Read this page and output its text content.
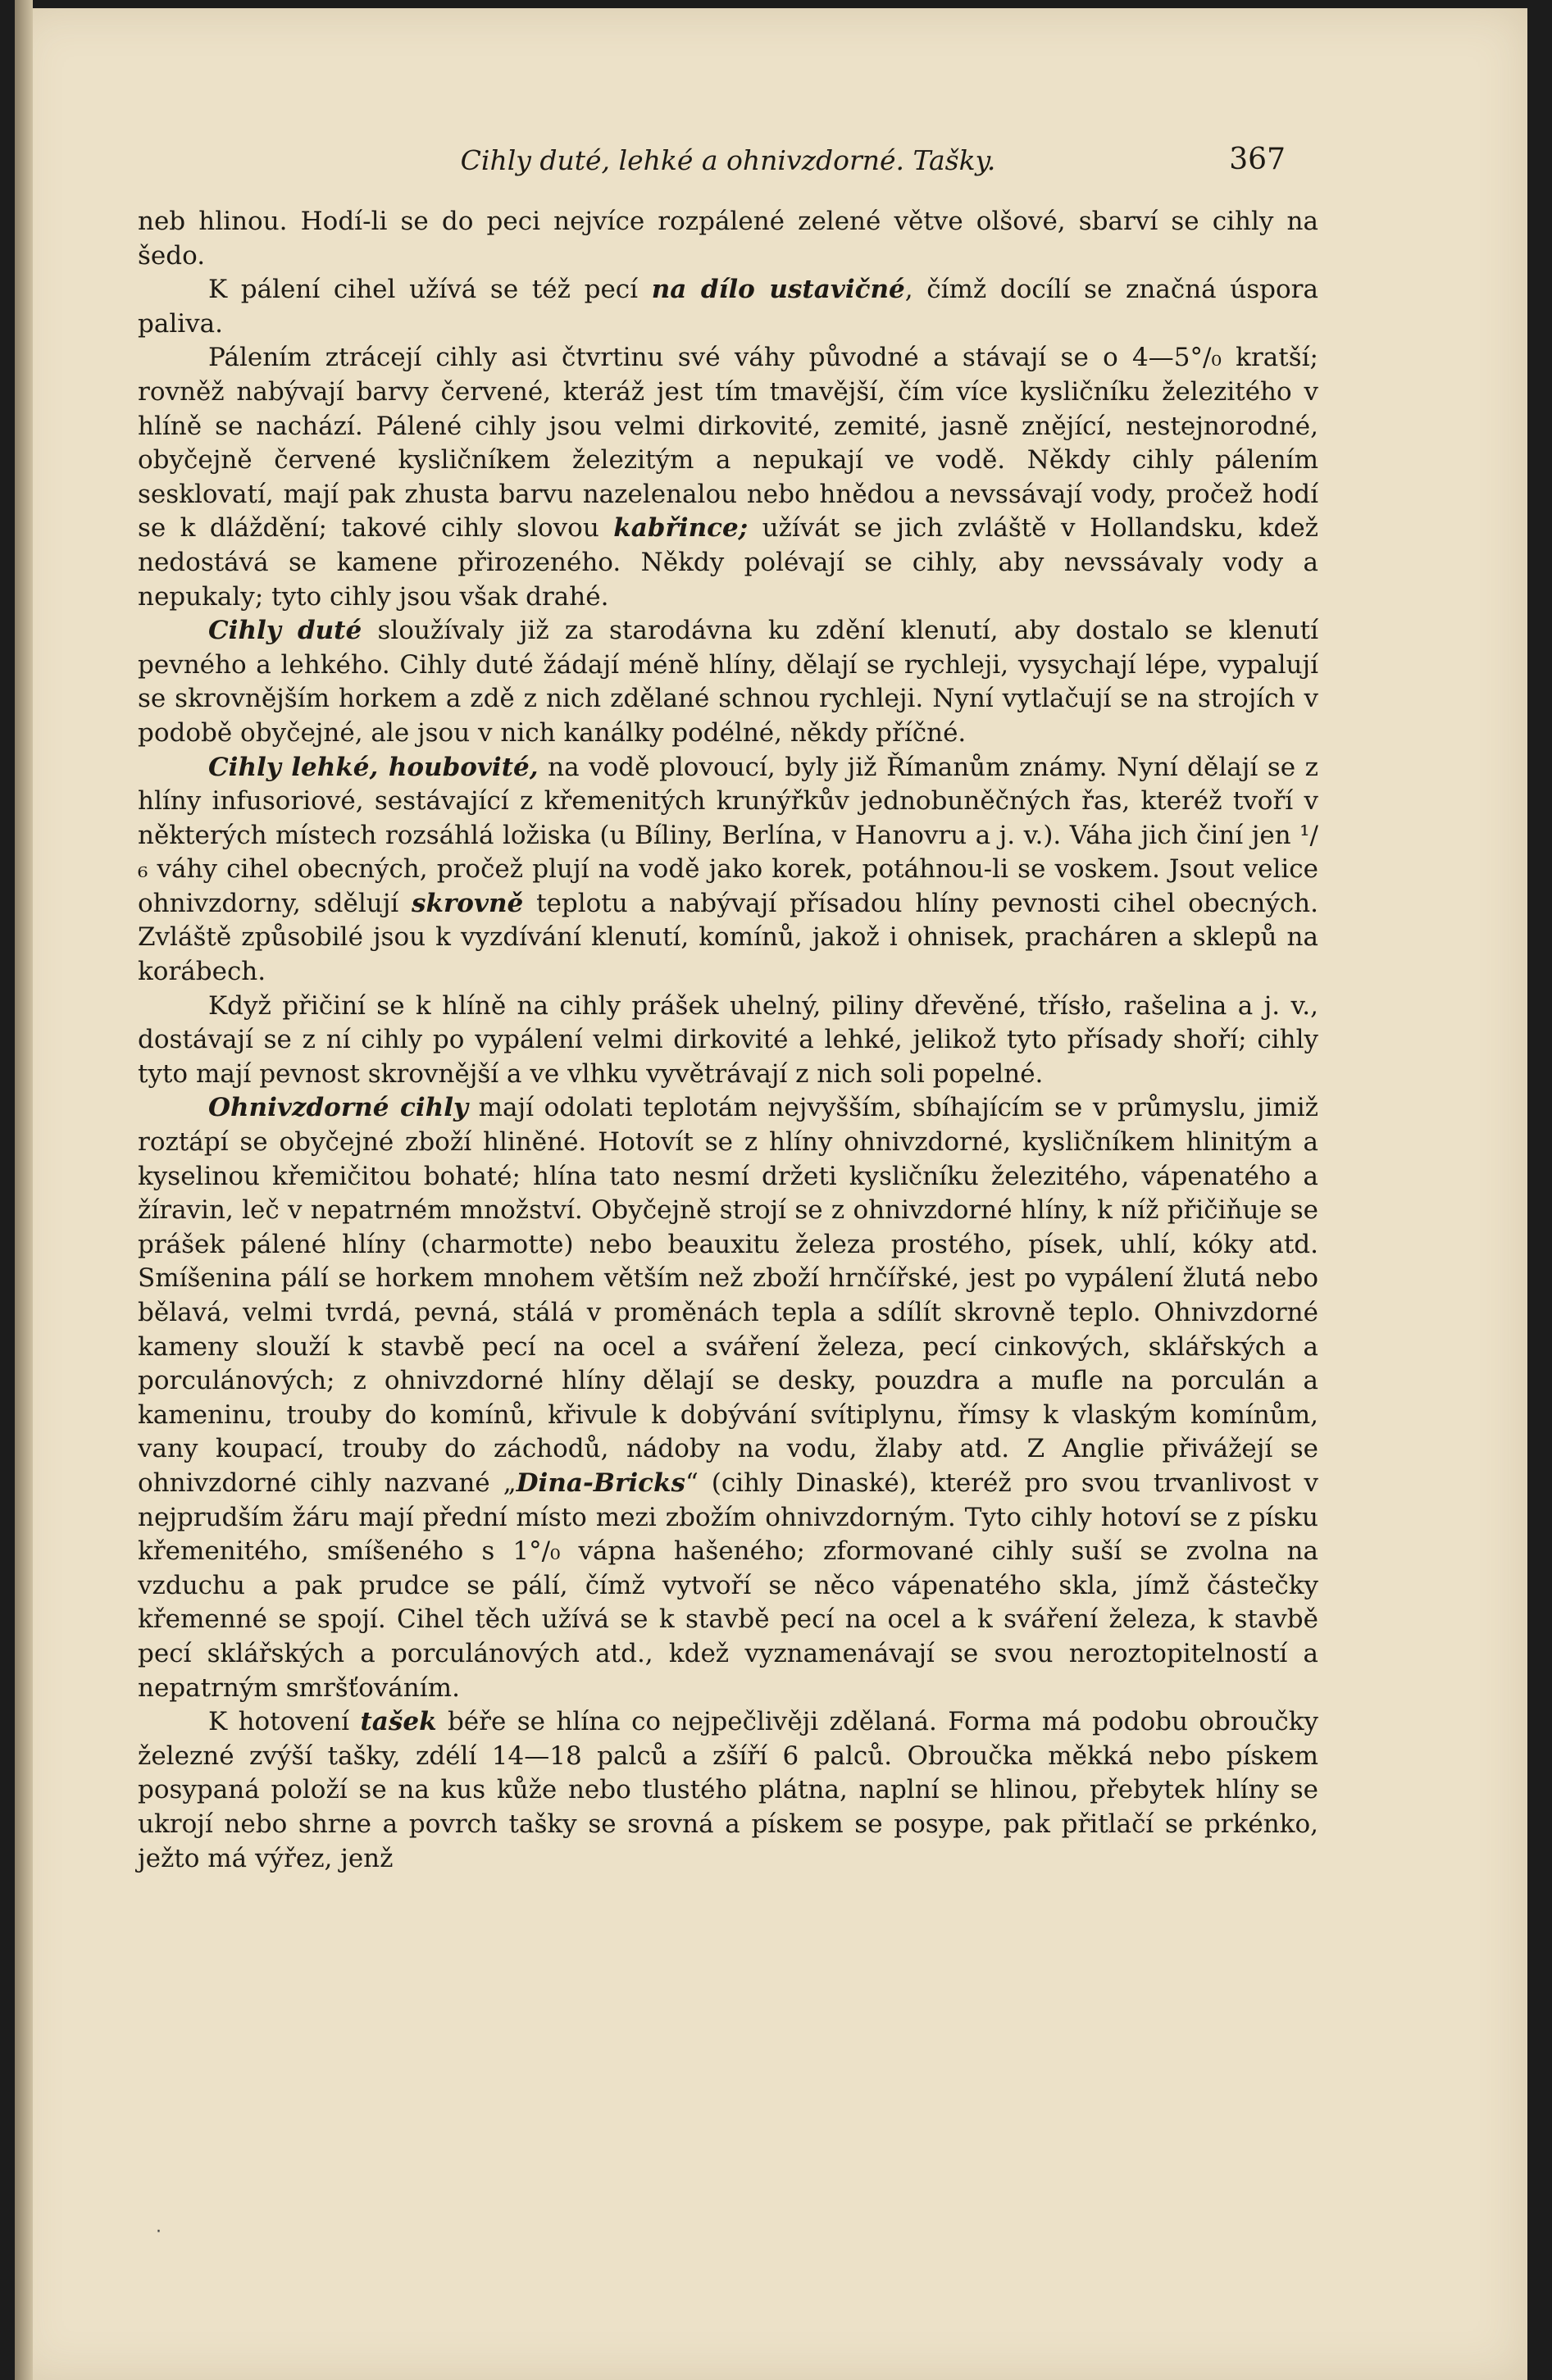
Cihly duté, lehké a ohnivzdorné. Tašky.	367

neb hlinou. Hodí-li se do peci nejvíce rozpálené zelené větve olšové, sbarví se cihly na šedo.

K pálení cihel užívá se též pecí na dílo ustavičné, čímž docílí se značná úspora paliva.

Pálením ztrácejí cihly asi čtvrtinu své váhy původné a stávají se o 4—5°/₀ kratší; rovněž nabývají barvy červené, kteráž jest tím tmavější, čím více kysličníku železitého v hlíně se nachází. Pálené cihly jsou velmi dirkovité, zemité, jasně znějící, nestejnorodné, obyčejně červené kysličníkem železitým a nepukají ve vodě. Někdy cihly pálením sesklovatí, mají pak zhusta barvu nazelenalou nebo hnědou a nevssávají vody, pročež hodí se k dláždění; takové cihly slovou kabřince; užívát se jich zvláště v Hollandsku, kdež nedostává se kamene přirozeného. Někdy polévají se cihly, aby nevssávaly vody a nepukaly; tyto cihly jsou však drahé.

Cihly duté sloužívaly již za starodávna ku zdění klenutí, aby dostalo se klenutí pevného a lehkého. Cihly duté žádají méně hlíny, dělají se rychleji, vysychají lépe, vypalují se skrovnějším horkem a zdě z nich zdělané schnou rychleji. Nyní vytlačují se na strojích v podobě obyčejné, ale jsou v nich kanálky podélné, někdy příčné.

Cihly lehké, houbovité, na vodě plovoucí, byly již Římanům známy. Nyní dělají se z hlíny infusoriové, sestávající z křemenitých krunýřkův jednobuněčných řas, kteréž tvoří v některých místech rozsáhlá ložiska (u Bíliny, Berlína, v Hanovru a j. v.). Váha jich činí jen ¹/₆ váhy cihel obecných, pročež plují na vodě jako korek, potáhnou-li se voskem. Jsout velice ohnivzdorny, sdělují skrovně teplotu a nabývají přísadou hlíny pevnosti cihel obecných. Zvláště způsobilé jsou k vyzdívání klenutí, komínů, jakož i ohnisek, pracháren a sklepů na korábech.

Když přičiní se k hlíně na cihly prášek uhelný, piliny dřevěné, třísło, rašelina a j. v., dostávají se z ní cihly po vypálení velmi dirkovité a lehké, jelikož tyto přísady shoří; cihly tyto mají pevnost skrovnější a ve vlhku vyvětrávají z nich soli popelné.

Ohnivzdorné cihly mají odolati teplotám nejvyšším, sbíhajícím se v průmyslu, jimiž roztápí se obyčejné zboží hliněné. Hotovít se z hlíny ohnivzdorné, kysličníkem hlinitým a kyselinou křemičitou bohaté; hlína tato nesmí držeti kysličníku železitého, vápenatého a žíravin, leč v nepatrném množství. Obyčejně strojí se z ohnivzdorné hlíny, k níž přičiňuje se prášek pálené hlíny (charmotte) nebo beauxitu železa prostého, písek, uhlí, kóky atd. Smíšenina pálí se horkem mnohem větším než zboží hrnčířské, jest po vypálení žlutá nebo bělavá, velmi tvrdá, pevná, stálá v proměnách tepla a sdílít skrovně teplo. Ohnivzdorné kameny slouží k stavbě pecí na ocel a sváření železa, pecí cinkových, sklářských a porculánových; z ohnivzdorné hlíny dělají se desky, pouzdra a mufle na porculán a kameninu, trouby do komínů, křivule k dobývání svítiplynu, římsy k vlaským komínům, vany koupací, trouby do záchodů, nádoby na vodu, žlaby atd. Z Anglie přivážejí se ohnivzdorné cihly nazvané „Dina-Bricks“ (cihly Dinaské), kteréž pro svou trvanlivost v nejprudším žáru mají přední místo mezi zbožím ohnivzdorným. Tyto cihly hotoví se z písku křemenitého, smíšeného s 1°/₀ vápna hašeného; zformované cihly suší se zvolna na vzduchu a pak prudce se pálí, čímž vytvoří se něco vápenatého skla, jímž částečky křemenné se spojí. Cihel těch užívá se k stavbě pecí na ocel a k sváření železa, k stavbě pecí sklářských a porculánových atd., kdež vyznamenávají se svou neroztopitelností a nepatrným smršťováním.

K hotovení tašek béře se hlína co nejpečlivěji zdělaná. Forma má podobu obroučky železné zvýší tašky, zdélí 14—18 palců a zšíří 6 palců. Obroučka měkká nebo pískem posypaná položí se na kus kůže nebo tlustého plátna, naplní se hlinou, přebytek hlíny se ukrojí nebo shrne a povrch tašky se srovná a pískem se posype, pak přitlačí se prkénko, ježto má výřez, jenž
